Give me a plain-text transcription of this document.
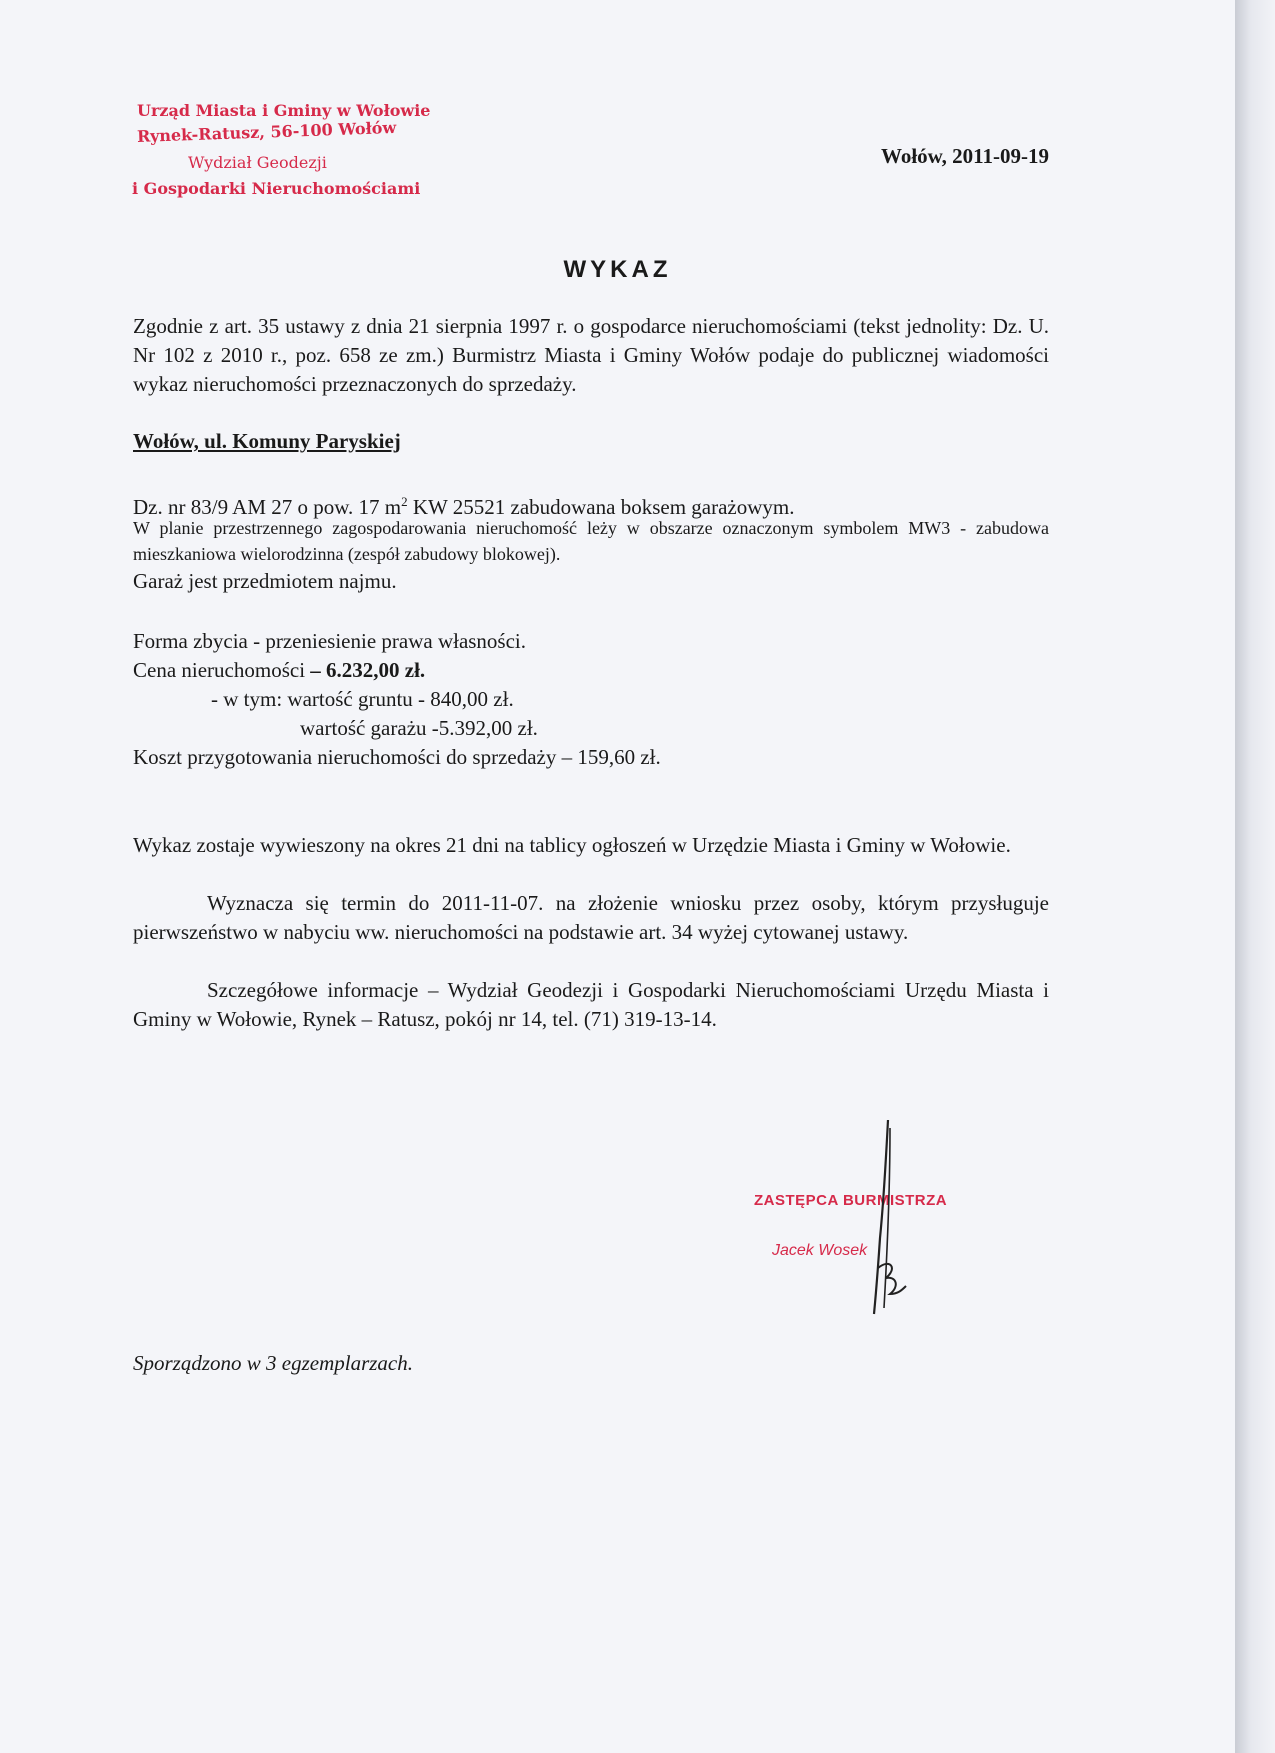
Urząd Miasta i Gminy w Wołowie
Rynek-Ratusz, 56-100 Wołów
Wydział Geodezji
i Gospodarki Nieruchomościami
Wołów, 2011-09-19
WYKAZ
Zgodnie z art. 35 ustawy z dnia 21 sierpnia 1997 r. o gospodarce nieruchomościami (tekst jednolity: Dz. U. Nr 102 z 2010 r., poz. 658 ze zm.) Burmistrz Miasta i Gminy Wołów podaje do publicznej wiadomości wykaz nieruchomości przeznaczonych do sprzedaży.
Wołów, ul. Komuny Paryskiej
Dz. nr 83/9 AM 27 o pow. 17 $m^2$ KW 25521 zabudowana boksem garażowym.
W planie przestrzennego zagospodarowania nieruchomość leży w obszarze oznaczonym symbolem MW3 - zabudowa mieszkaniowa wielorodzinna (zespół zabudowy blokowej).
Garaż jest przedmiotem najmu.
Forma zbycia - przeniesienie prawa własności.
Cena nieruchomości – 6.232,00 zł.
- w tym: wartość gruntu - 840,00 zł.
wartość garażu -5.392,00 zł.
Koszt przygotowania nieruchomości do sprzedaży – 159,60 zł.
Wykaz zostaje wywieszony na okres 21 dni na tablicy ogłoszeń w Urzędzie Miasta i Gminy w Wołowie.
Wyznacza się termin do 2011-11-07. na złożenie wniosku przez osoby, którym przysługuje pierwszeństwo w nabyciu ww. nieruchomości na podstawie art. 34 wyżej cytowanej ustawy.
Szczegółowe informacje – Wydział Geodezji i Gospodarki Nieruchomościami Urzędu Miasta i Gminy w Wołowie, Rynek – Ratusz, pokój nr 14, tel. (71) 319-13-14.
ZASTĘPCA BURMISTRZA
Jacek Wosek
Sporządzono w 3 egzemplarzach.
